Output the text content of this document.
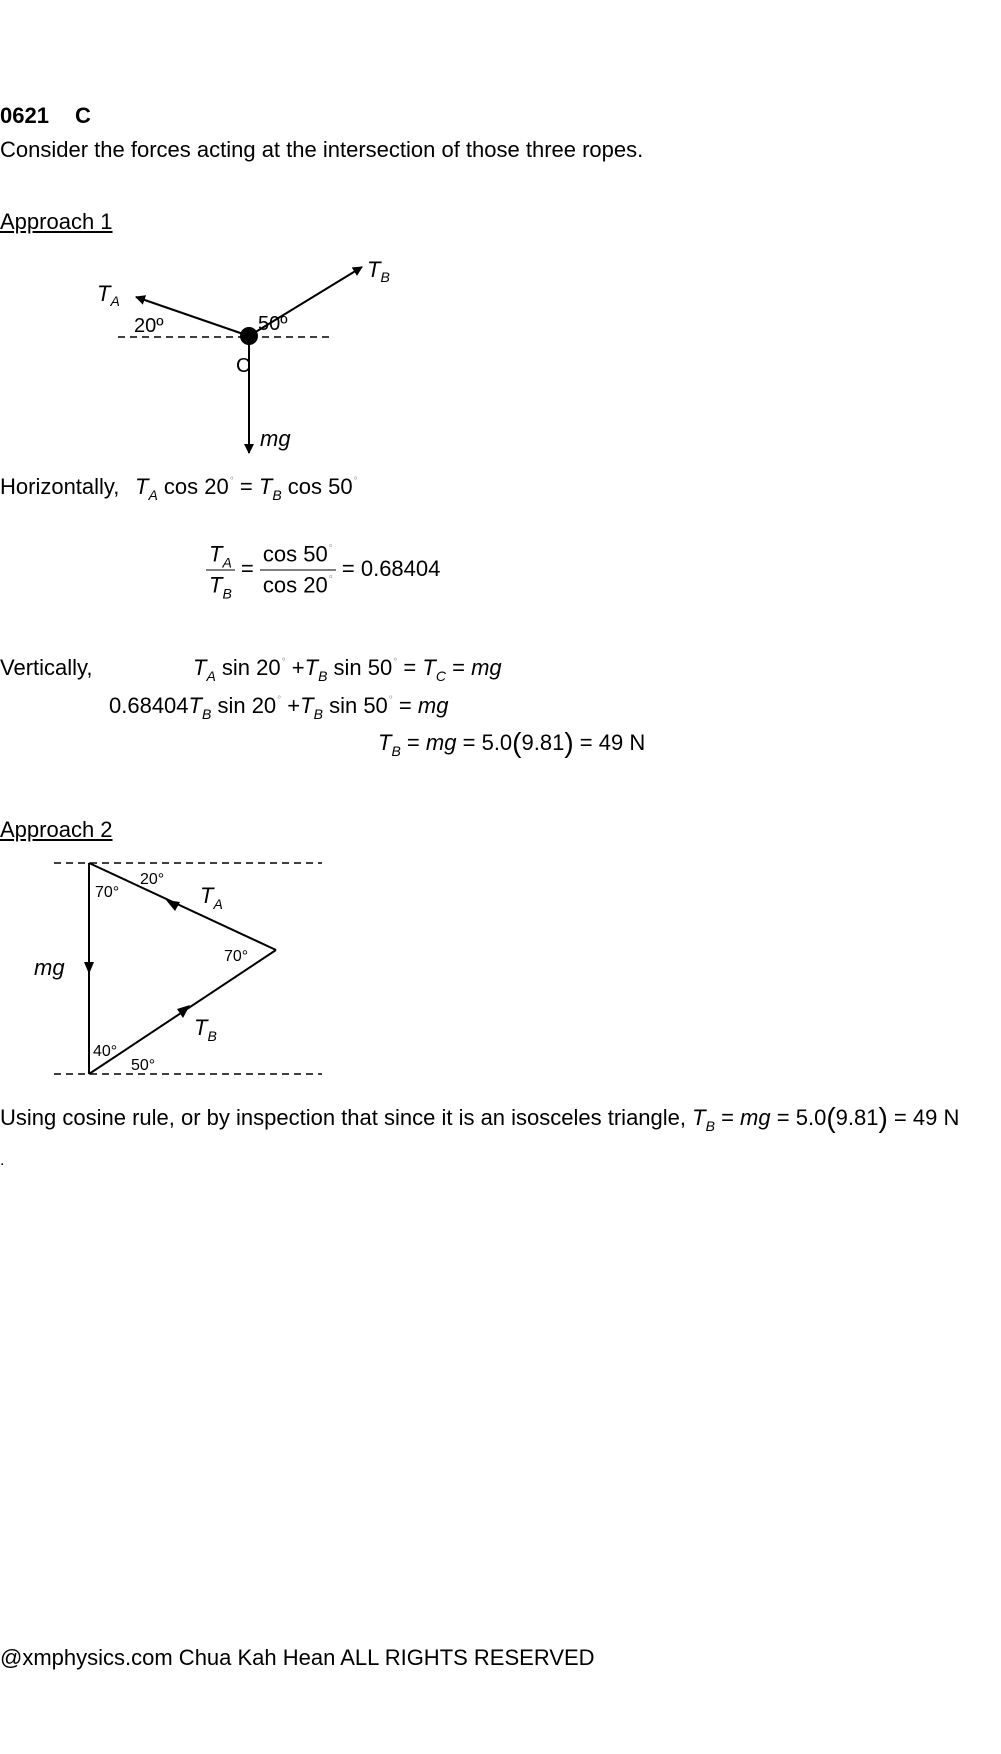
0621 C
Consider the forces acting at the intersection of those three ropes.
Approach 1
$T_A$
$T_B$
20º	50º
C
mg
Horizontally, $T_A$ $\cos 20^\circ = T_B$ cos 50°
$\frac{T_A}{T_B} = \frac{\cos 50^\circ}{\cos 20^\circ} = 0.68404$
Vertically,	$T_A$ $\sin 20^\circ +T_B$ $\sin 50^\circ = T_C$ = mg
$0.68404T_B$ $\sin 20^\circ +T_B$ sin 50° = mg
$T_B$ = mg = 5.0(9.81) = 49 N
Approach 2
70°
20°
$T_A$
70°
mg
$T_B$
40°
50°
Using cosine rule, or by inspection that since it is an isosceles triangle, $T_B$ = mg = 5.0(9.81) = 49 N
.
@xmphysics.com Chua Kah Hean ALL RIGHTS RESERVED
